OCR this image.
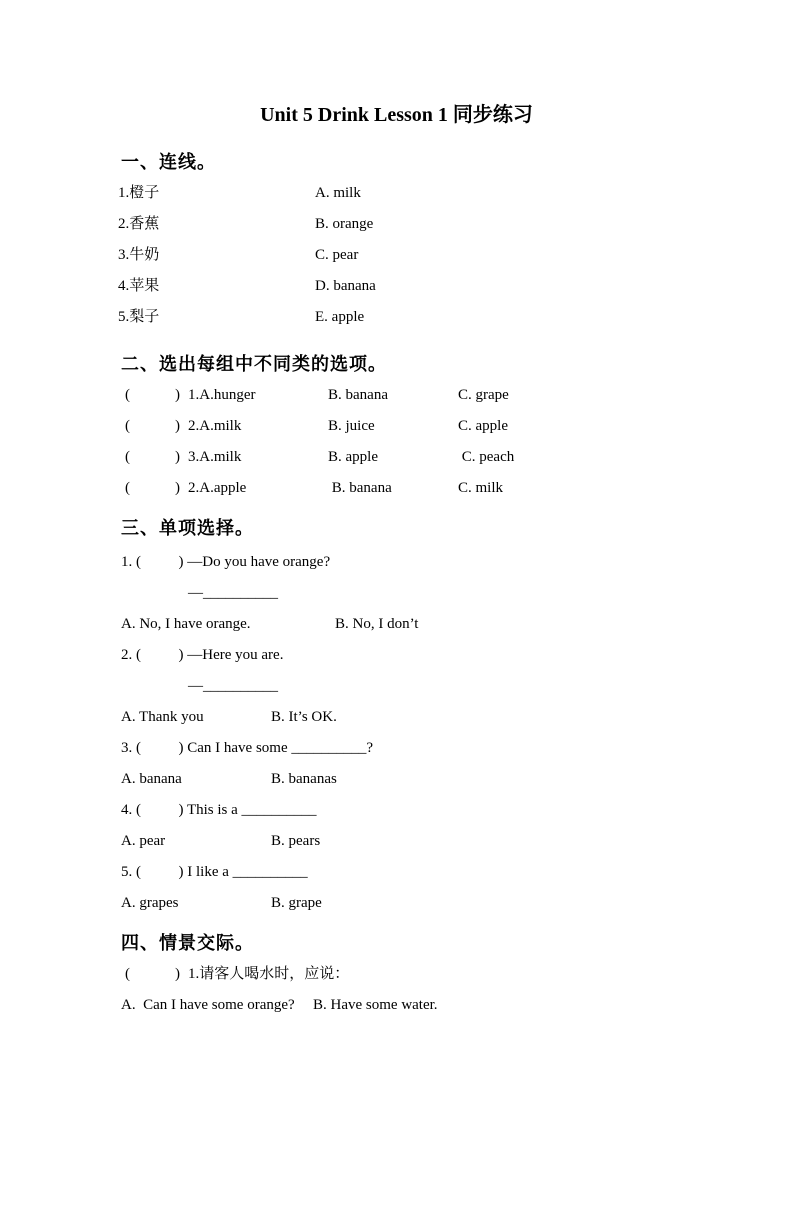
Unit 5 Drink Lesson 1 同步练习
一、连线。
1.橙子	A. milk
2.香蕉	B. orange
3.牛奶	C. pear
4.苹果	D. banana
5.梨子	E. apple
二、选出每组中不同类的选项。
(            ) 1.A.hunger	B. banana	C. grape
(            ) 2.A.milk	B. juice	C. apple
(            ) 3.A.milk	B. apple	C. peach
(            ) 2.A.apple	B. banana	C. milk
三、单项选择。
1. (          ) —Do you have orange?
—__________
A. No, I have orange.	B. No, I don’t
2. (          ) —Here you are.
—__________
A. Thank you	B. It’s OK.
3. (          ) Can I have some __________?
A. banana	B. bananas
4. (          ) This is a __________
A. pear	B. pears
5. (          ) I like a __________
A. grapes	B. grape
四、情景交际。
(            ) 1.请客人喝水时，应说：
A.  Can I have some orange?	B. Have some water.
